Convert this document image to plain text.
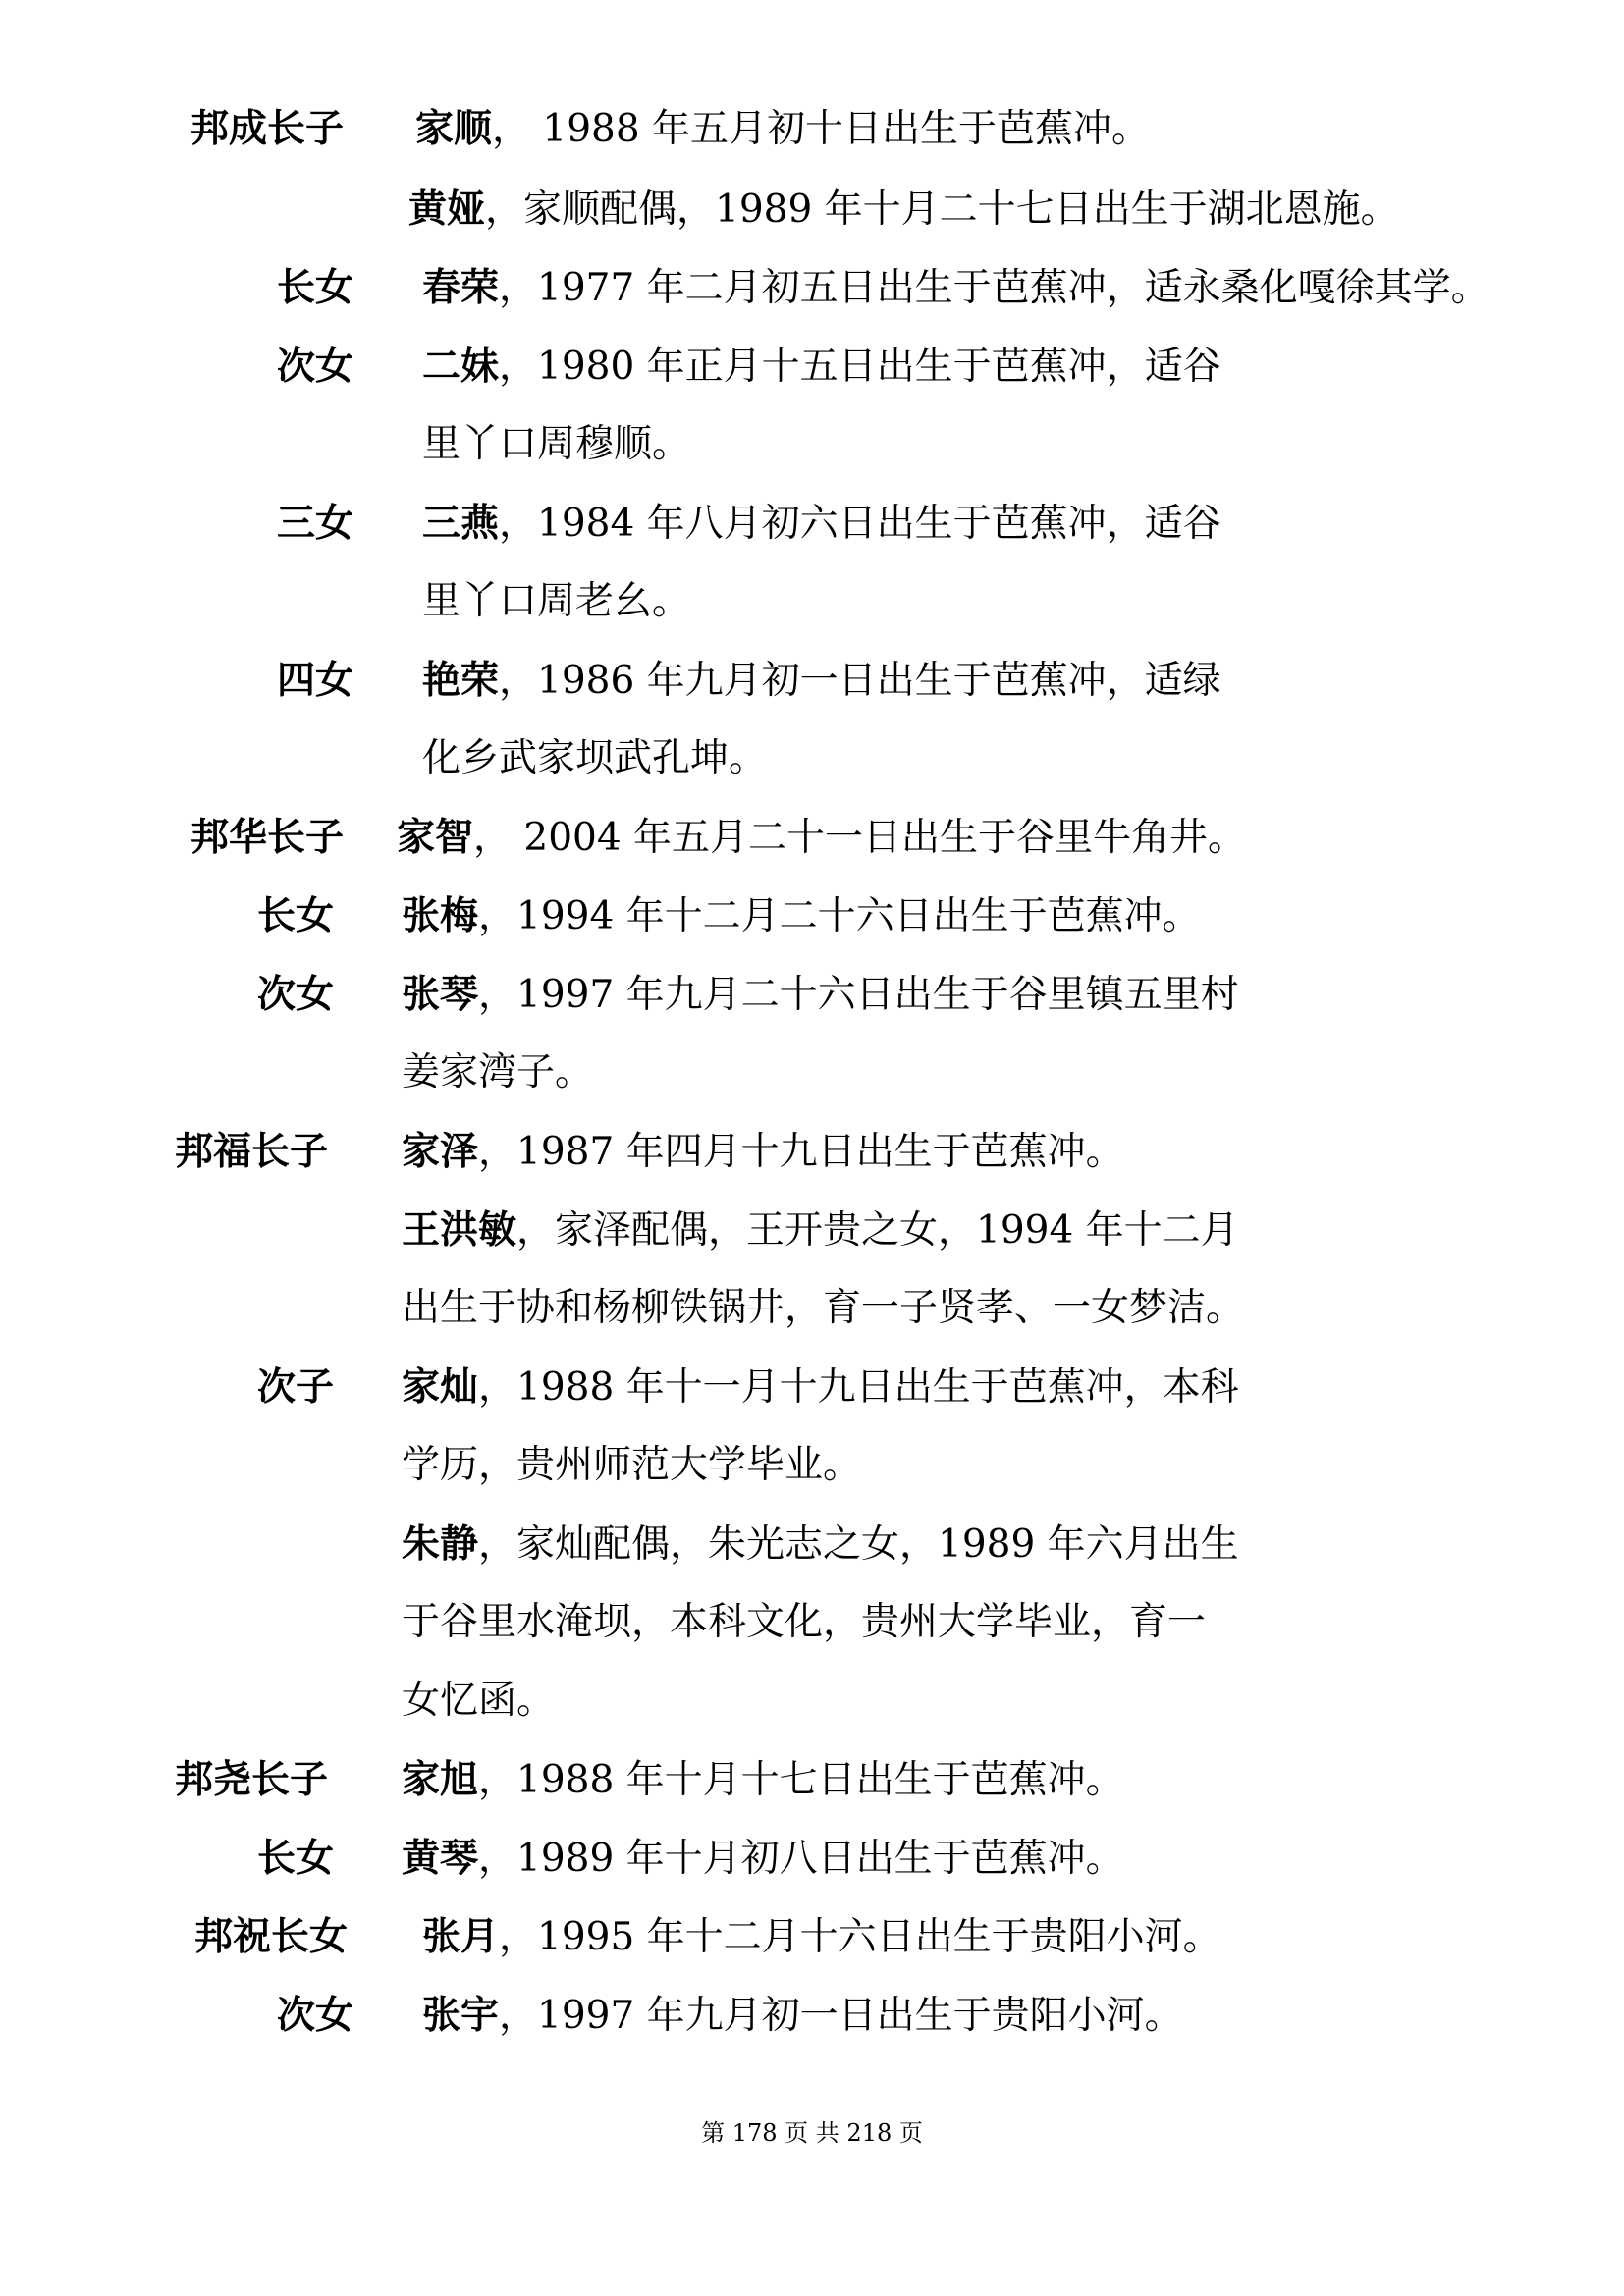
邦成长子 家顺， 1988 年五月初十日出生于芭蕉冲。
黄娅，家顺配偶，1989 年十月二十七日出生于湖北恩施。
长女 春荣，1977 年二月初五日出生于芭蕉冲，适永桑化嘎徐其学。
次女 二妹，1980 年正月十五日出生于芭蕉冲，适谷
里丫口周穆顺。
三女 三燕，1984 年八月初六日出生于芭蕉冲，适谷
里丫口周老幺。
四女 艳荣，1986 年九月初一日出生于芭蕉冲，适绿
化乡武家坝武孔坤。
邦华长子 家智， 2004 年五月二十一日出生于谷里牛角井。
长女 张梅，1994 年十二月二十六日出生于芭蕉冲。
次女 张琴，1997 年九月二十六日出生于谷里镇五里村
姜家湾子。
邦福长子 家泽，1987 年四月十九日出生于芭蕉冲。
王洪敏，家泽配偶，王开贵之女，1994 年十二月
出生于协和杨柳铁锅井，育一子贤孝、一女梦洁。
次子 家灿，1988 年十一月十九日出生于芭蕉冲，本科
学历，贵州师范大学毕业。
朱静，家灿配偶，朱光志之女，1989 年六月出生
于谷里水淹坝，本科文化，贵州大学毕业，育一
女忆函。
邦尧长子 家旭，1988 年十月十七日出生于芭蕉冲。
长女 黄琴，1989 年十月初八日出生于芭蕉冲。
邦祝长女 张月，1995 年十二月十六日出生于贵阳小河。
次女 张宇，1997 年九月初一日出生于贵阳小河。
第 178 页 共 218 页
